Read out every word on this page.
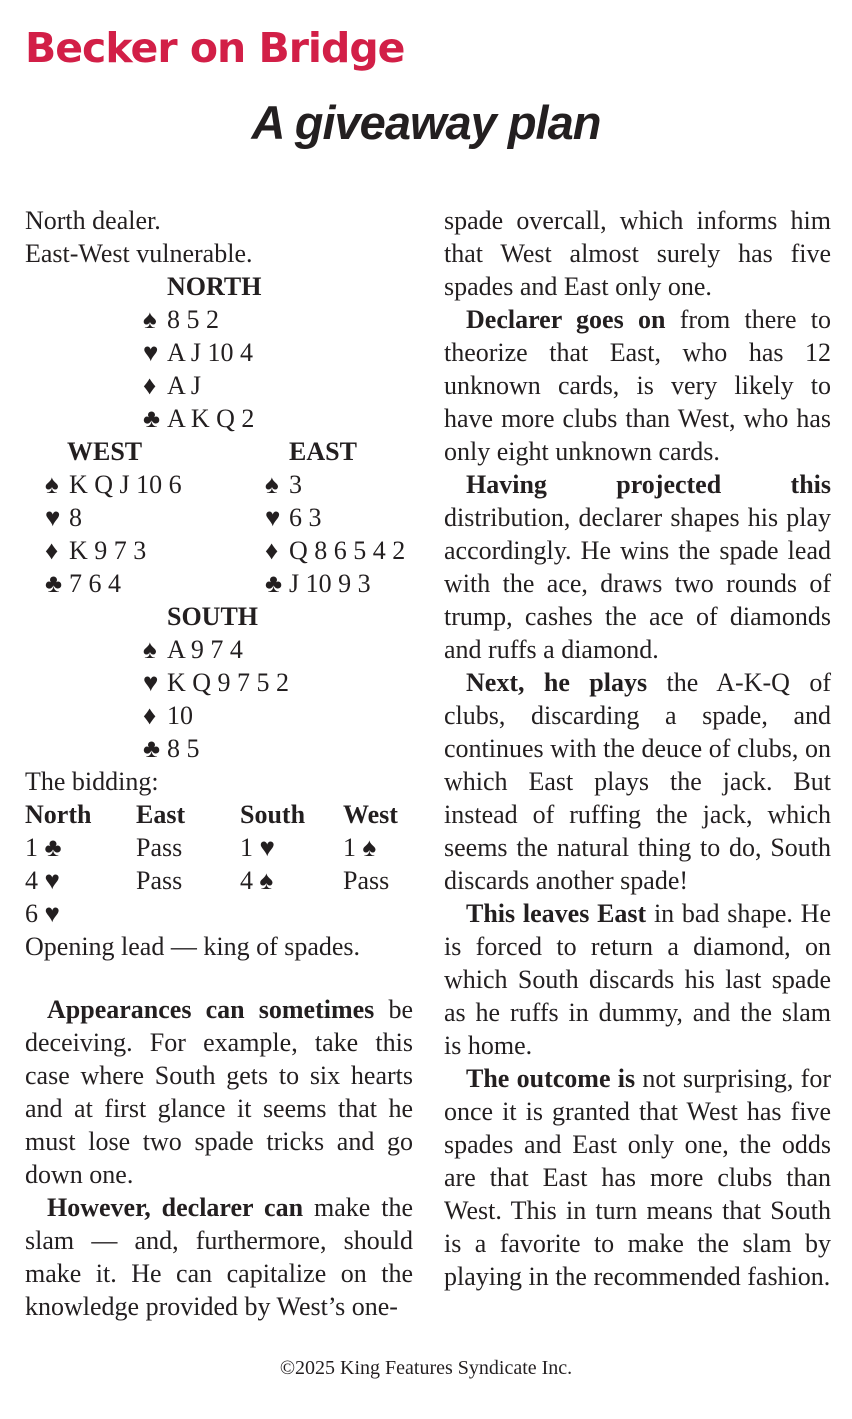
Becker on Bridge
A giveaway plan
North dealer.
East-West vulnerable.
NORTH
♠ 8 5 2
♥ A J 10 4
♦ A J
♣ A K Q 2
WEST	EAST
♠ K Q J 10 6	♠ 3
♥ 8	♥ 6 3
♦ K 9 7 3	♦ Q 8 6 5 4 2
♣ 7 6 4	♣ J 10 9 3
SOUTH
♠ A 9 7 4
♥ K Q 9 7 5 2
♦ 10
♣ 8 5
The bidding:
North East South West
1 ♣	Pass 1 ♥	1 ♠
4 ♥	Pass 4 ♠	Pass
6 ♥
Opening lead — king of spades.

Appearances can sometimes be deceiving. For example, take this case where South gets to six hearts and at first glance it seems that he must lose two spade tricks and go down one.

However, declarer can make the slam — and, furthermore, should make it. He can capitalize on the knowledge provided by West’s one-

spade overcall, which informs him that West almost surely has five spades and East only one.

Declarer goes on from there to theorize that East, who has 12 unknown cards, is very likely to have more clubs than West, who has only eight unknown cards.

Having projected this distribution, declarer shapes his play accordingly. He wins the spade lead with the ace, draws two rounds of trump, cashes the ace of diamonds and ruffs a diamond.

Next, he plays the A-K-Q of clubs, discarding a spade, and continues with the deuce of clubs, on which East plays the jack. But instead of ruffing the jack, which seems the natural thing to do, South discards another spade!

This leaves East in bad shape. He is forced to return a diamond, on which South discards his last spade as he ruffs in dummy, and the slam is home.

The outcome is not surprising, for once it is granted that West has five spades and East only one, the odds are that East has more clubs than West. This in turn means that South is a favorite to make the slam by playing in the recommended fashion.

©2025 King Features Syndicate Inc.
